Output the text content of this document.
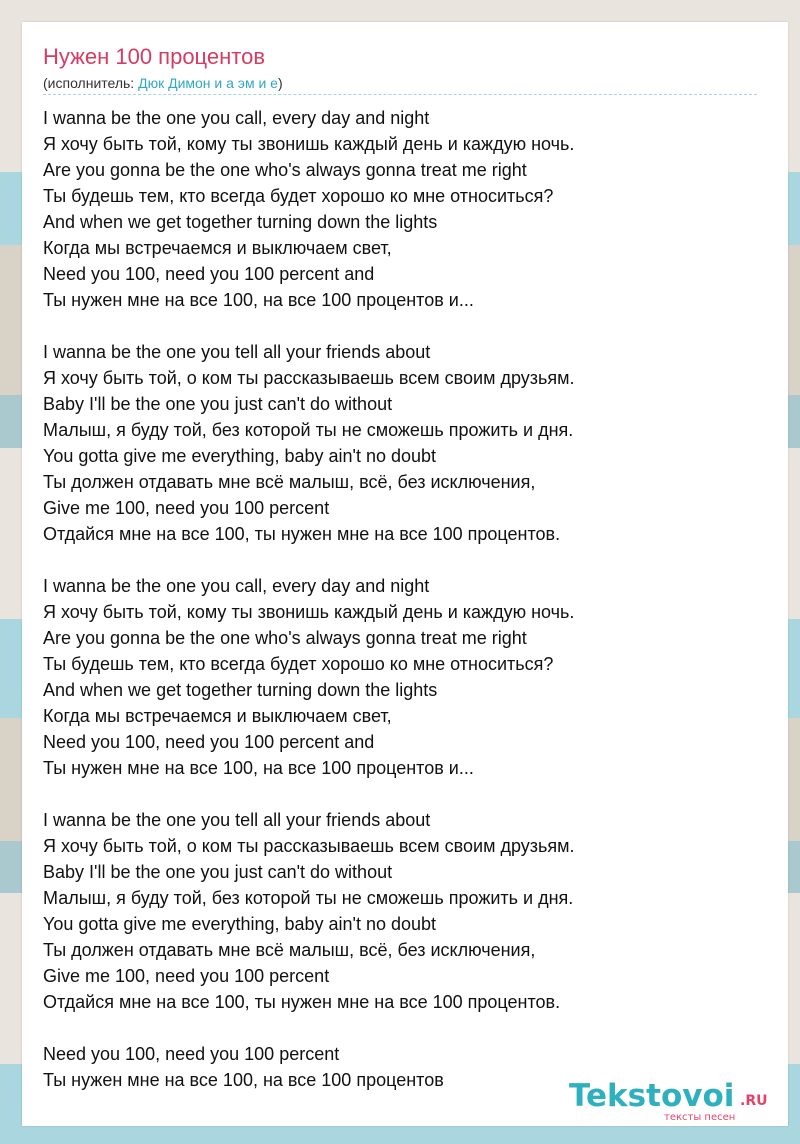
Нужен 100 процентов
(исполнитель: Дюк Димон и а эм и е)
I wanna be the one you call, every day and night
Я хочу быть той, кому ты звонишь каждый день и каждую ночь.
Are you gonna be the one who's always gonna treat me right
Ты будешь тем, кто всегда будет хорошо ко мне относиться?
And when we get together turning down the lights
Когда мы встречаемся и выключаем свет,
Need you 100, need you 100 percent and
Ты нужен мне на все 100, на все 100 процентов и...
I wanna be the one you tell all your friends about
Я хочу быть той, о ком ты рассказываешь всем своим друзьям.
Baby I'll be the one you just can't do without
Малыш, я буду той, без которой ты не сможешь прожить и дня.
You gotta give me everything, baby ain't no doubt
Ты должен отдавать мне всё малыш, всё, без исключения,
Give me 100, need you 100 percent
Отдайся мне на все 100, ты нужен мне на все 100 процентов.
I wanna be the one you call, every day and night
Я хочу быть той, кому ты звонишь каждый день и каждую ночь.
Are you gonna be the one who's always gonna treat me right
Ты будешь тем, кто всегда будет хорошо ко мне относиться?
And when we get together turning down the lights
Когда мы встречаемся и выключаем свет,
Need you 100, need you 100 percent and
Ты нужен мне на все 100, на все 100 процентов и...
I wanna be the one you tell all your friends about
Я хочу быть той, о ком ты рассказываешь всем своим друзьям.
Baby I'll be the one you just can't do without
Малыш, я буду той, без которой ты не сможешь прожить и дня.
You gotta give me everything, baby ain't no doubt
Ты должен отдавать мне всё малыш, всё, без исключения,
Give me 100, need you 100 percent
Отдайся мне на все 100, ты нужен мне на все 100 процентов.
Need you 100, need you 100 percent
Ты нужен мне на все 100, на все 100 процентов	Tekstovoi .RU
тексты песен
